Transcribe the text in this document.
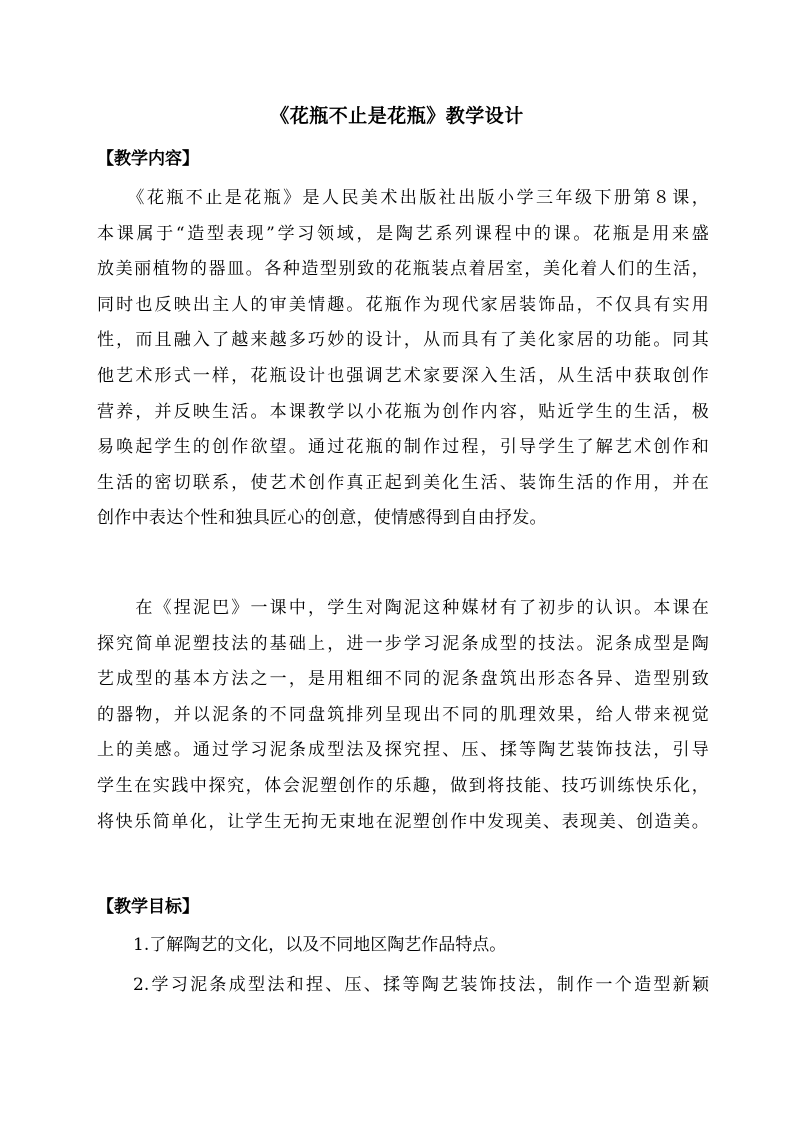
《花瓶不止是花瓶》教学设计
【教学内容】
　　《花瓶不止是花瓶》是人民美术出版社出版小学三年级下册第８课，
本课属于“造型表现”学习领域，是陶艺系列课程中的课。花瓶是用来盛
放美丽植物的器皿。各种造型别致的花瓶装点着居室，美化着人们的生活，
同时也反映出主人的审美情趣。花瓶作为现代家居装饰品，不仅具有实用
性，而且融入了越来越多巧妙的设计，从而具有了美化家居的功能。同其
他艺术形式一样，花瓶设计也强调艺术家要深入生活，从生活中获取创作
营养，并反映生活。本课教学以小花瓶为创作内容，贴近学生的生活，极
易唤起学生的创作欲望。通过花瓶的制作过程，引导学生了解艺术创作和
生活的密切联系，使艺术创作真正起到美化生活、装饰生活的作用，并在
创作中表达个性和独具匠心的创意，使情感得到自由抒发。
　　在《捏泥巴》一课中，学生对陶泥这种媒材有了初步的认识。本课在
探究简单泥塑技法的基础上，进一步学习泥条成型的技法。泥条成型是陶
艺成型的基本方法之一，是用粗细不同的泥条盘筑出形态各异、造型别致
的器物，并以泥条的不同盘筑排列呈现出不同的肌理效果，给人带来视觉
上的美感。通过学习泥条成型法及探究捏、压、揉等陶艺装饰技法，引导
学生在实践中探究，体会泥塑创作的乐趣，做到将技能、技巧训练快乐化，
将快乐简单化，让学生无拘无束地在泥塑创作中发现美、表现美、创造美。
【教学目标】
1.了解陶艺的文化，以及不同地区陶艺作品特点。
2.学习泥条成型法和捏、压、揉等陶艺装饰技法，制作一个造型新颖
